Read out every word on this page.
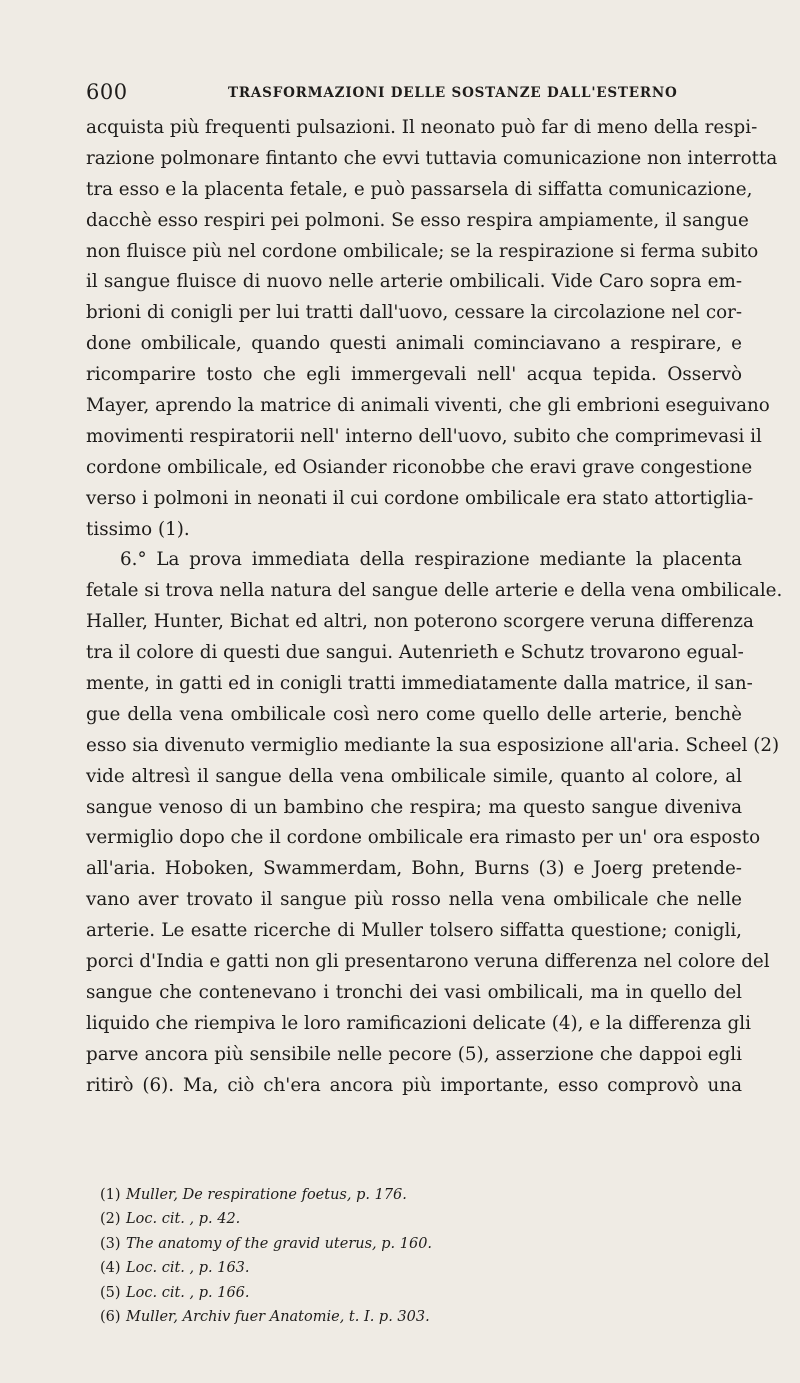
600	TRASFORMAZIONI DELLE SOSTANZE DALL'ESTERNO
acquista più frequenti pulsazioni. Il neonato può far di meno della respi-
razione polmonare fintanto che evvi tuttavia comunicazione non interrotta
tra esso e la placenta fetale, e può passarsela di siffatta comunicazione,
dacchè esso respiri pei polmoni. Se esso respira ampiamente, il sangue
non fluisce più nel cordone ombilicale; se la respirazione si ferma subito
il sangue fluisce di nuovo nelle arterie ombilicali. Vide Caro sopra em-
brioni di conigli per lui tratti dall'uovo, cessare la circolazione nel cor-
done ombilicale, quando questi animali cominciavano a respirare, e
ricomparire tosto che egli immergevali nell' acqua tepida. Osservò
Mayer, aprendo la matrice di animali viventi, che gli embrioni eseguivano
movimenti respiratorii nell' interno dell'uovo, subito che comprimevasi il
cordone ombilicale, ed Osiander riconobbe che eravi grave congestione
verso i polmoni in neonati il cui cordone ombilicale era stato attortiglia-
tissimo (1).
6.° La prova immediata della respirazione mediante la placenta
fetale si trova nella natura del sangue delle arterie e della vena ombilicale.
Haller, Hunter, Bichat ed altri, non poterono scorgere veruna differenza
tra il colore di questi due sangui. Autenrieth e Schutz trovarono egual-
mente, in gatti ed in conigli tratti immediatamente dalla matrice, il san-
gue della vena ombilicale così nero come quello delle arterie, benchè
esso sia divenuto vermiglio mediante la sua esposizione all'aria. Scheel (2)
vide altresì il sangue della vena ombilicale simile, quanto al colore, al
sangue venoso di un bambino che respira; ma questo sangue diveniva
vermiglio dopo che il cordone ombilicale era rimasto per un' ora esposto
all'aria. Hoboken, Swammerdam, Bohn, Burns (3) e Joerg pretende-
vano aver trovato il sangue più rosso nella vena ombilicale che nelle
arterie. Le esatte ricerche di Muller tolsero siffatta questione; conigli,
porci d'India e gatti non gli presentarono veruna differenza nel colore del
sangue che contenevano i tronchi dei vasi ombilicali, ma in quello del
liquido che riempiva le loro ramificazioni delicate (4), e la differenza gli
parve ancora più sensibile nelle pecore (5), asserzione che dappoi egli
ritirò (6). Ma, ciò ch'era ancora più importante, esso comprovò una
(1) Muller, De respiratione foetus, p. 176.
(2) Loc. cit. , p. 42.
(3) The anatomy of the gravid uterus, p. 160.
(4) Loc. cit. , p. 163.
(5) Loc. cit. , p. 166.
(6) Muller, Archiv fuer Anatomie, t. I. p. 303.
